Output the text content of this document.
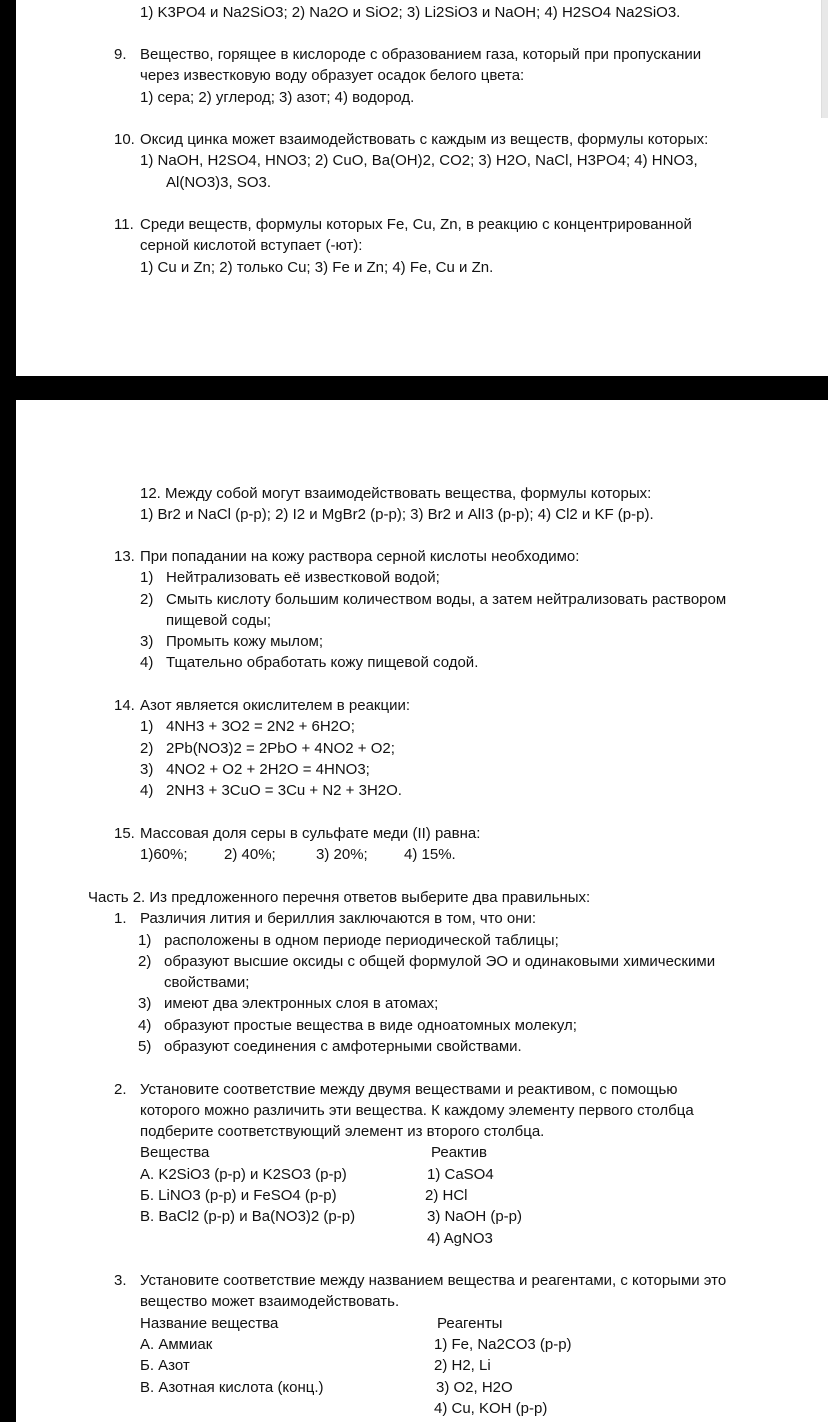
1) K3PO4 и Na2SiO3; 2) Na2O и SiO2; 3) Li2SiO3 и NaOH; 4) H2SO4 Na2SiO3.
9. Вещество, горящее в кислороде с образованием газа, который при пропускании
через известковую воду образует осадок белого цвета:
1) сера; 2) углерод; 3) азот; 4) водород.
10. Оксид цинка может взаимодействовать с каждым из веществ, формулы которых:
1) NaOH, H2SO4, HNO3; 2) CuO, Ba(OH)2, CO2; 3) H2O, NaCl, H3PO4; 4) HNO3,
Al(NO3)3, SO3.
11. Среди веществ, формулы которых Fe, Cu, Zn, в реакцию с концентрированной
серной кислотой вступает (-ют):
1) Cu и Zn; 2) только Cu; 3) Fe и Zn; 4) Fe, Cu и Zn.
12. Между собой могут взаимодействовать вещества, формулы которых:
1) Br2 и NaCl (р-р); 2) I2 и MgBr2 (р-р); 3) Br2 и AlI3 (р-р); 4) Cl2 и KF (р-р).
13. При попадании на кожу раствора серной кислоты необходимо:
1) Нейтрализовать её известковой водой;
2) Смыть кислоту большим количеством воды, а затем нейтрализовать раствором
пищевой соды;
3) Промыть кожу мылом;
4) Тщательно обработать кожу пищевой содой.
14. Азот является окислителем в реакции:
1) 4NH3 + 3O2 = 2N2 + 6H2O;
2) 2Pb(NO3)2 = 2PbO + 4NO2 + O2;
3) 4NO2 + O2 + 2H2O = 4HNO3;
4) 2NH3 + 3CuO = 3Cu + N2 + 3H2O.
15. Массовая доля серы в сульфате меди (II) равна:
1)60%; 2) 40%;	3) 20%; 4) 15%.
Часть 2. Из предложенного перечня ответов выберите два правильных:
1. Различия лития и бериллия заключаются в том, что они:
1) расположены в одном периоде периодической таблицы;
2) образуют высшие оксиды с общей формулой ЭО и одинаковыми химическими
свойствами;
3) имеют два электронных слоя в атомах;
4) образуют простые вещества в виде одноатомных молекул;
5) образуют соединения с амфотерными свойствами.
2. Установите соответствие между двумя веществами и реактивом, с помощью
которого можно различить эти вещества. К каждому элементу первого столбца
подберите соответствующий элемент из второго столбца.
Вещества	Реактив
А. K2SiO3 (р-р) и K2SO3 (р-р)	1) CaSO4
Б. LiNO3 (р-р) и FeSO4 (р-р)	2) HCl
В. BaCl2 (р-р) и Ba(NO3)2 (р-р)	3) NaOH (р-р)
4) AgNO3
3. Установите соответствие между названием вещества и реагентами, с которыми это
вещество может взаимодействовать.
Название вещества	Реагенты
А. Аммиак	1) Fe, Na2CO3 (р-р)
Б. Азот	2) H2, Li
В. Азотная кислота (конц.)	3) O2, H2O
4) Cu, KOH (р-р)
